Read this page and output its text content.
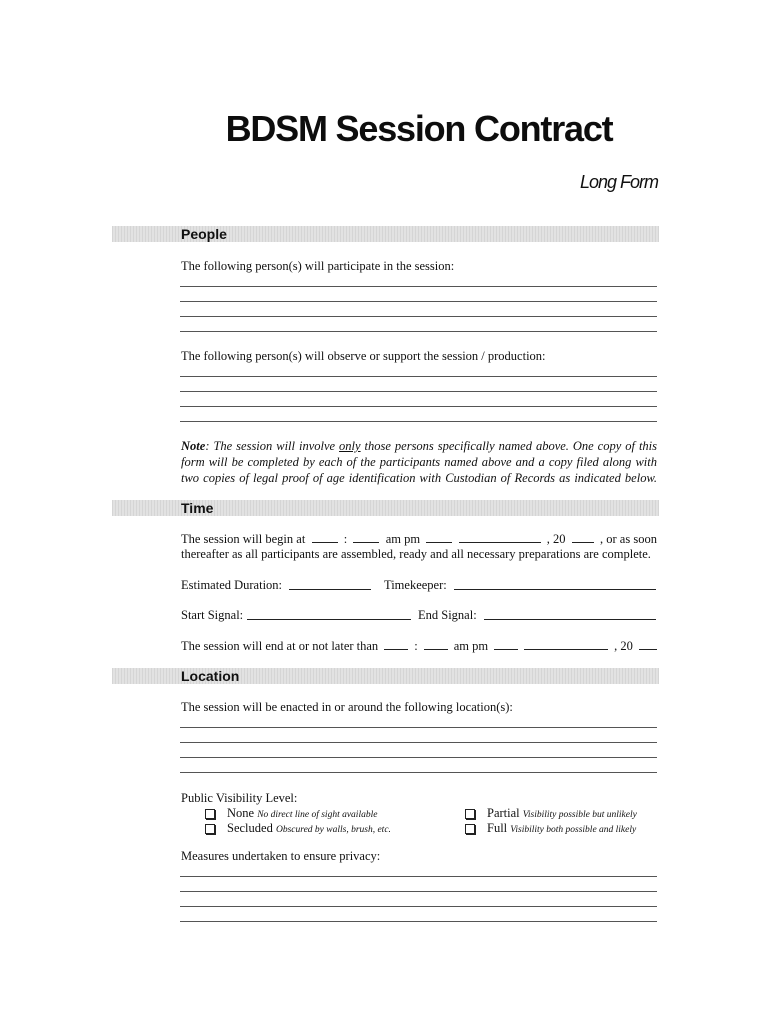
BDSM Session Contract
Long Form
People
The following person(s) will participate in the session:
The following person(s) will observe or support the session / production:
Note: The session will involve only those persons specifically named above. One copy of this form will be completed by each of the participants named above and a copy filed along with two copies of legal proof of age identification with Custodian of Records as indicated below.
Time
The session will begin at	:	am pm	, 20	, or as soon
thereafter as all participants are assembled, ready and all necessary preparations are complete.
Estimated Duration:	Timekeeper:
Start Signal:	End Signal:
The session will end at or not later than	:	am pm	, 20
Location
The session will be enacted in or around the following location(s):
Public Visibility Level:
None No direct line of sight available
Secluded Obscured by walls, brush, etc.
Partial Visibility possible but unlikely
Full Visibility both possible and likely
Measures undertaken to ensure privacy:
